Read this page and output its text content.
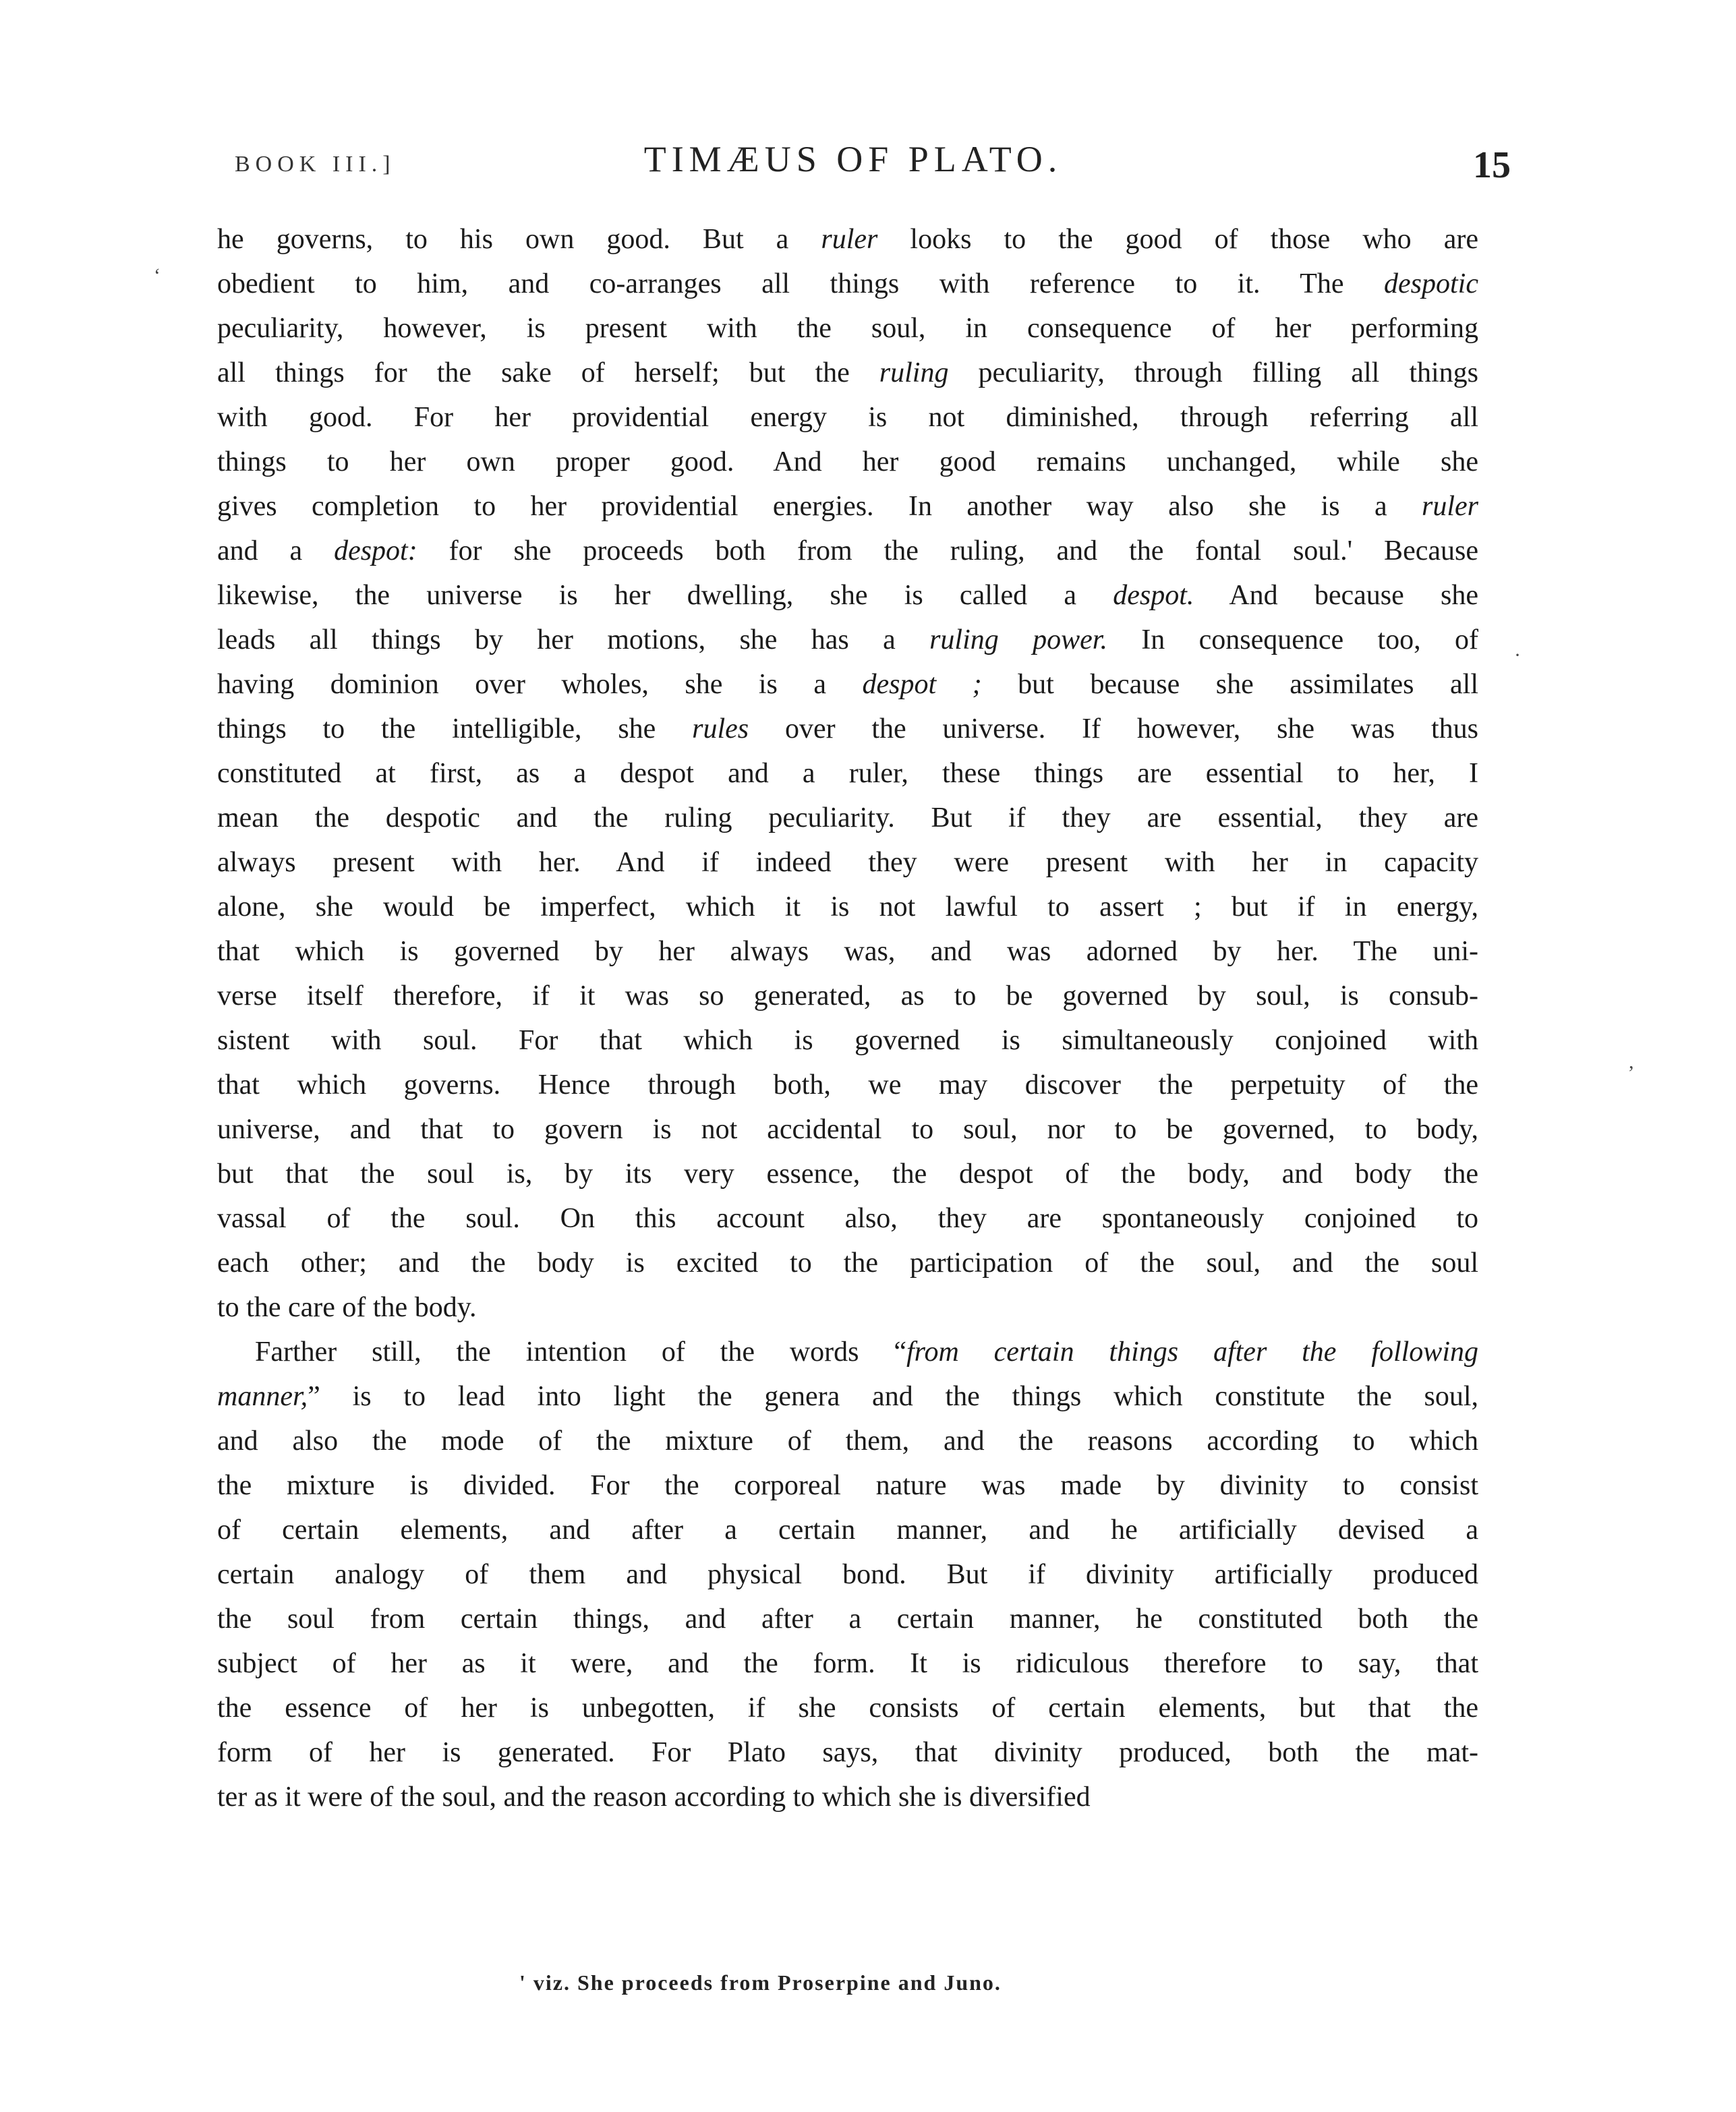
BOOK III.]	TIMÆUS OF PLATO.	15
he governs, to his own good. But a ruler looks to the good of those who are
obedient to him, and co-arranges all things with reference to it. The despotic
peculiarity, however, is present with the soul, in consequence of her performing
all things for the sake of herself; but the ruling peculiarity, through filling all things
with good. For her providential energy is not diminished, through referring all
things to her own proper good. And her good remains unchanged, while she
gives completion to her providential energies. In another way also she is a ruler
and a despot: for she proceeds both from the ruling, and the fontal soul.' Because
likewise, the universe is her dwelling, she is called a despot. And because she
leads all things by her motions, she has a ruling power. In consequence too, of
having dominion over wholes, she is a despot ; but because she assimilates all
things to the intelligible, she rules over the universe. If however, she was thus
constituted at first, as a despot and a ruler, these things are essential to her, I
mean the despotic and the ruling peculiarity. But if they are essential, they are
always present with her. And if indeed they were present with her in capacity
alone, she would be imperfect, which it is not lawful to assert ; but if in energy,
that which is governed by her always was, and was adorned by her. The uni-
verse itself therefore, if it was so generated, as to be governed by soul, is consub-
sistent with soul. For that which is governed is simultaneously conjoined with
that which governs. Hence through both, we may discover the perpetuity of the
universe, and that to govern is not accidental to soul, nor to be governed, to body,
but that the soul is, by its very essence, the despot of the body, and body the
vassal of the soul. On this account also, they are spontaneously conjoined to
each other; and the body is excited to the participation of the soul, and the soul
to the care of the body.
Farther still, the intention of the words “from certain things after the following
manner,” is to lead into light the genera and the things which constitute the soul,
and also the mode of the mixture of them, and the reasons according to which
the mixture is divided. For the corporeal nature was made by divinity to consist
of certain elements, and after a certain manner, and he artificially devised a
certain analogy of them and physical bond. But if divinity artificially produced
the soul from certain things, and after a certain manner, he constituted both the
subject of her as it were, and the form. It is ridiculous therefore to say, that
the essence of her is unbegotten, if she consists of certain elements, but that the
form of her is generated. For Plato says, that divinity produced, both the mat-
ter as it were of the soul, and the reason according to which she is diversified
' viz. She proceeds from Proserpine and Juno.
‘
·
,
